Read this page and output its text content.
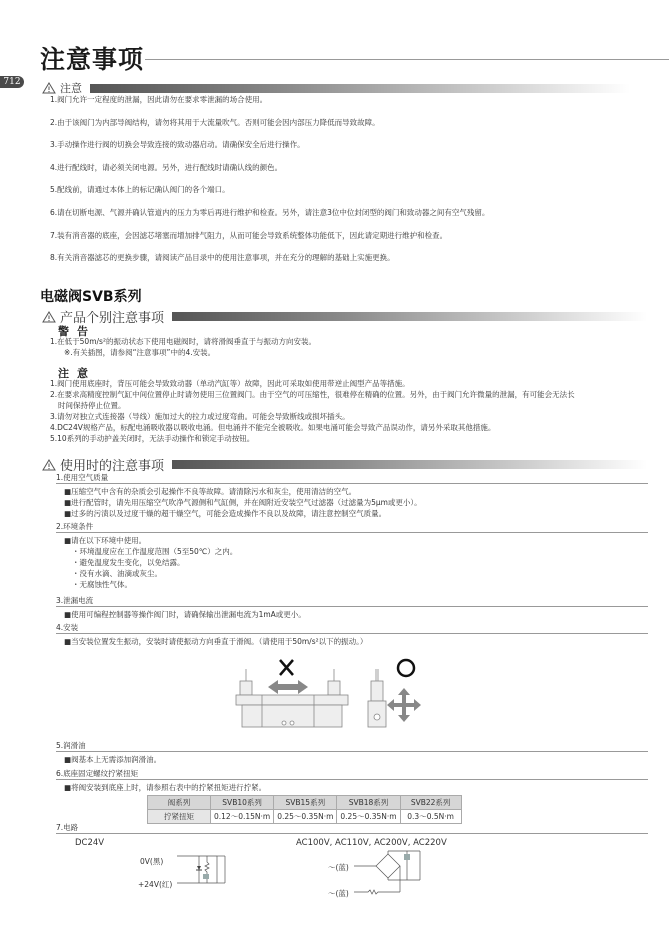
注意事项
712	注意
1.阀门允许一定程度的泄漏，因此请勿在要求零泄漏的场合使用。
2.由于该阀门为内部导阀结构，请勿将其用于大流量吹气。否则可能会因内部压力降低而导致故障。
3.手动操作进行阀的切换会导致连接的致动器启动。请确保安全后进行操作。
4.进行配线时，请必须关闭电源。另外，进行配线时请确认线的颜色。
5.配线前，请通过本体上的标记确认阀门的各个端口。
6.请在切断电源、气源并确认管道内的压力为零后再进行维护和检查。另外，请注意3位中位封闭型的阀门和致动器之间有空气残留。
7.装有消音器的底座，会因滤芯堵塞而增加排气阻力，从而可能会导致系统整体功能低下，因此请定期进行维护和检查。
8.有关消音器滤芯的更换步骤，请阅读产品目录中的使用注意事项，并在充分的理解的基础上实施更换。
电磁阀SVB系列
产品个别注意事项
警告
1.在低于50m/s²的振动状态下使用电磁阀时，请将滑阀垂直于与振动方向安装。
※.有关插图，请参阅“注意事项”中的4.安装。
注意
1.阀门使用底座时，背压可能会导致致动器（单动汽缸等）故障，因此可采取如使用带逆止阀型产品等措施。
2.在要求高精度控制气缸中间位置停止时请勿使用三位置阀门。由于空气的可压缩性，很难停在精确的位置。另外，由于阀门允许微量的泄漏，有可能会无法长
时间保持停止位置。
3.请勿对独立式连接器（导线）施加过大的拉力或过度弯曲。可能会导致断线或损坏插头。
4.DC24V规格产品，标配电涌吸收器以吸收电涌。但电涌并不能完全被吸收。如果电涌可能会导致产品误动作，请另外采取其他措施。
5.10系列的手动护盖关闭时，无法手动操作和锁定手动按钮。
使用时的注意事项
1.使用空气质量
■压缩空气中含有的杂质会引起操作不良等故障。请清除污水和灰尘，使用清洁的空气。
■进行配管时，请先用压缩空气吹净气源侧和气缸侧，并在阀附近安装空气过滤器（过滤量为5μm或更小）。
■过多的污渍以及过度干燥的超干燥空气，可能会造成操作不良以及故障，请注意控制空气质量。
2.环境条件
■请在以下环境中使用。
・环境温度应在工作温度范围（5至50℃）之内。
・避免温度发生变化，以免结露。
・没有水滴、油滴或灰尘。
・无腐蚀性气体。
3.泄漏电流
■使用可编程控制器等操作阀门时，请确保输出泄漏电流为1mA或更小。
4.安装
■当安装位置发生振动，安装时请使振动方向垂直于滑阀。（请使用于50m/s²以下的振动。）
5.润滑油
■阀基本上无需添加润滑油。
6.底座固定螺纹拧紧扭矩
■将阀安装到底座上时，请参照右表中的拧紧扭矩进行拧紧。
阀系列	SVB10系列	SVB15系列	SVB18系列	SVB22系列
拧紧扭矩	0.12～0.15N·m	0.25～0.35N·m	0.25～0.35N·m	0.3～0.5N·m
7.电路
DC24V	AC100V, AC110V, AC200V, AC220V
0V(黑)
+24V(红)
～(蓝)
～(蓝)
